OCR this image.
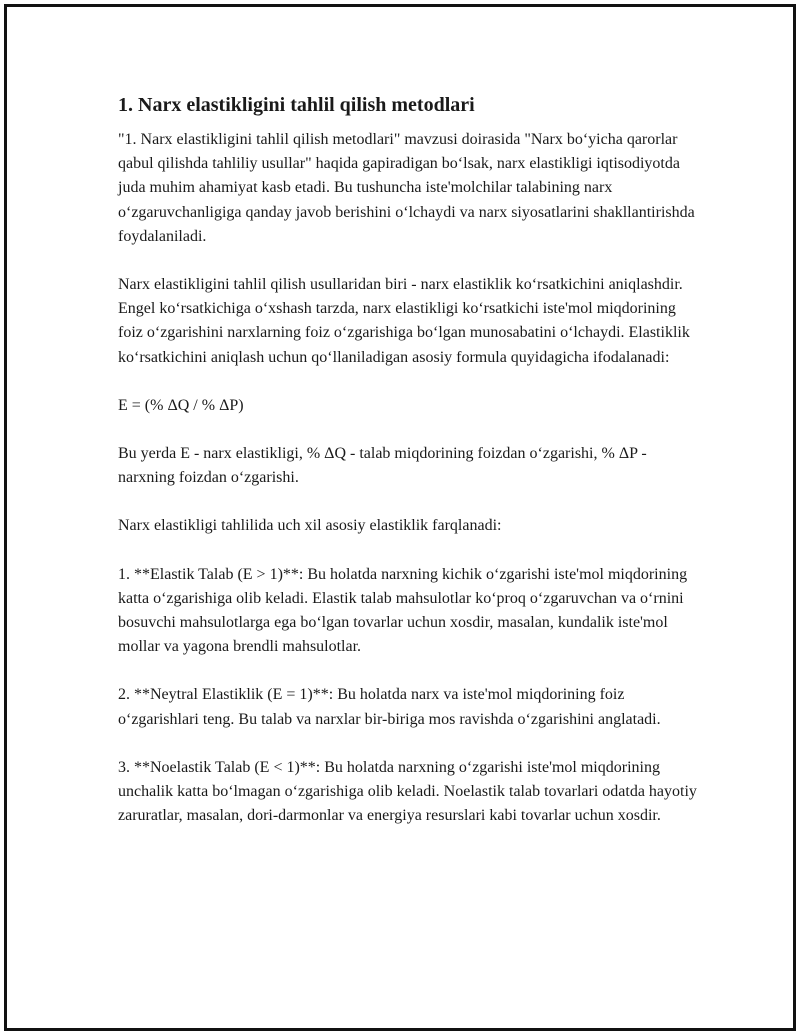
1. Narx elastikligini tahlil qilish metodlari

"1. Narx elastikligini tahlil qilish metodlari" mavzusi doirasida "Narx bo‘yicha qarorlar qabul qilishda tahliliy usullar" haqida gapiradigan bo‘lsak, narx elastikligi iqtisodiyotda juda muhim ahamiyat kasb etadi. Bu tushuncha iste'molchilar talabining narx o‘zgaruvchanligiga qanday javob berishini o‘lchaydi va narx siyosatlarini shakllantirishda foydalaniladi.

Narx elastikligini tahlil qilish usullaridan biri - narx elastiklik ko‘rsatkichini aniqlashdir. Engel ko‘rsatkichiga o‘xshash tarzda, narx elastikligi ko‘rsatkichi iste'mol miqdorining foiz o‘zgarishini narxlarning foiz o‘zgarishiga bo‘lgan munosabatini o‘lchaydi. Elastiklik ko‘rsatkichini aniqlash uchun qo‘llaniladigan asosiy formula quyidagicha ifodalanadi:

E = (% ΔQ / % ΔP)

Bu yerda E - narx elastikligi, % ΔQ - talab miqdorining foizdan o‘zgarishi, % ΔP - narxning foizdan o‘zgarishi.

Narx elastikligi tahlilida uch xil asosiy elastiklik farqlanadi:

1. **Elastik Talab (E > 1)**: Bu holatda narxning kichik o‘zgarishi iste'mol miqdorining katta o‘zgarishiga olib keladi. Elastik talab mahsulotlar ko‘proq o‘zgaruvchan va o‘rnini bosuvchi mahsulotlarga ega bo‘lgan tovarlar uchun xosdir, masalan, kundalik iste'mol mollar va yagona brendli mahsulotlar.

2. **Neytral Elastiklik (E = 1)**: Bu holatda narx va iste'mol miqdorining foiz o‘zgarishlari teng. Bu talab va narxlar bir-biriga mos ravishda o‘zgarishini anglatadi.

3. **Noelastik Talab (E < 1)**: Bu holatda narxning o‘zgarishi iste'mol miqdorining unchalik katta bo‘lmagan o‘zgarishiga olib keladi. Noelastik talab tovarlari odatda hayotiy zaruratlar, masalan, dori-darmonlar va energiya resurslari kabi tovarlar uchun xosdir.
